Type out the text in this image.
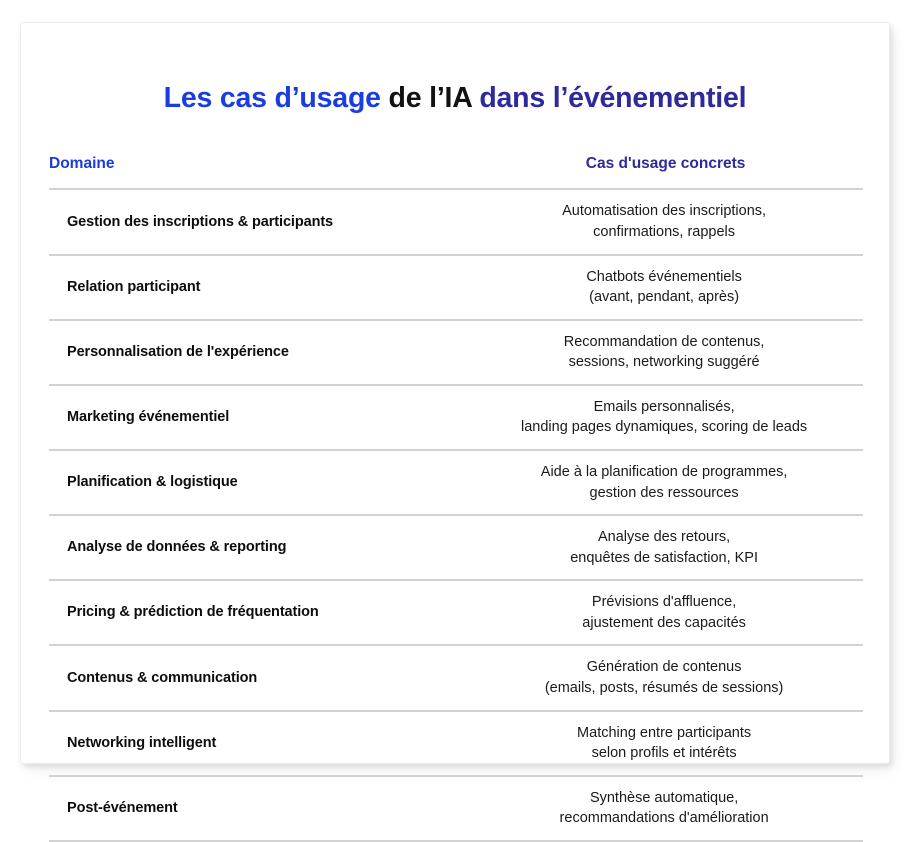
Les cas d’usage de l’IA dans l’événementiel
Domaine	Cas d'usage concrets
Gestion des inscriptions & participants	Automatisation des inscriptions,
confirmations, rappels

Relation participant	Chatbots événementiels
(avant, pendant, après)

Personnalisation de l'expérience	Recommandation de contenus,
sessions, networking suggéré

Marketing événementiel	Emails personnalisés,
landing pages dynamiques, scoring de leads

Planification & logistique	Aide à la planification de programmes,
gestion des ressources

Analyse de données & reporting	Analyse des retours,
enquêtes de satisfaction, KPI

Pricing & prédiction de fréquentation	Prévisions d'affluence,
ajustement des capacités

Contenus & communication	Génération de contenus
(emails, posts, résumés de sessions)

Networking intelligent	Matching entre participants
selon profils et intérêts

Post-événement	Synthèse automatique,
recommandations d'amélioration
